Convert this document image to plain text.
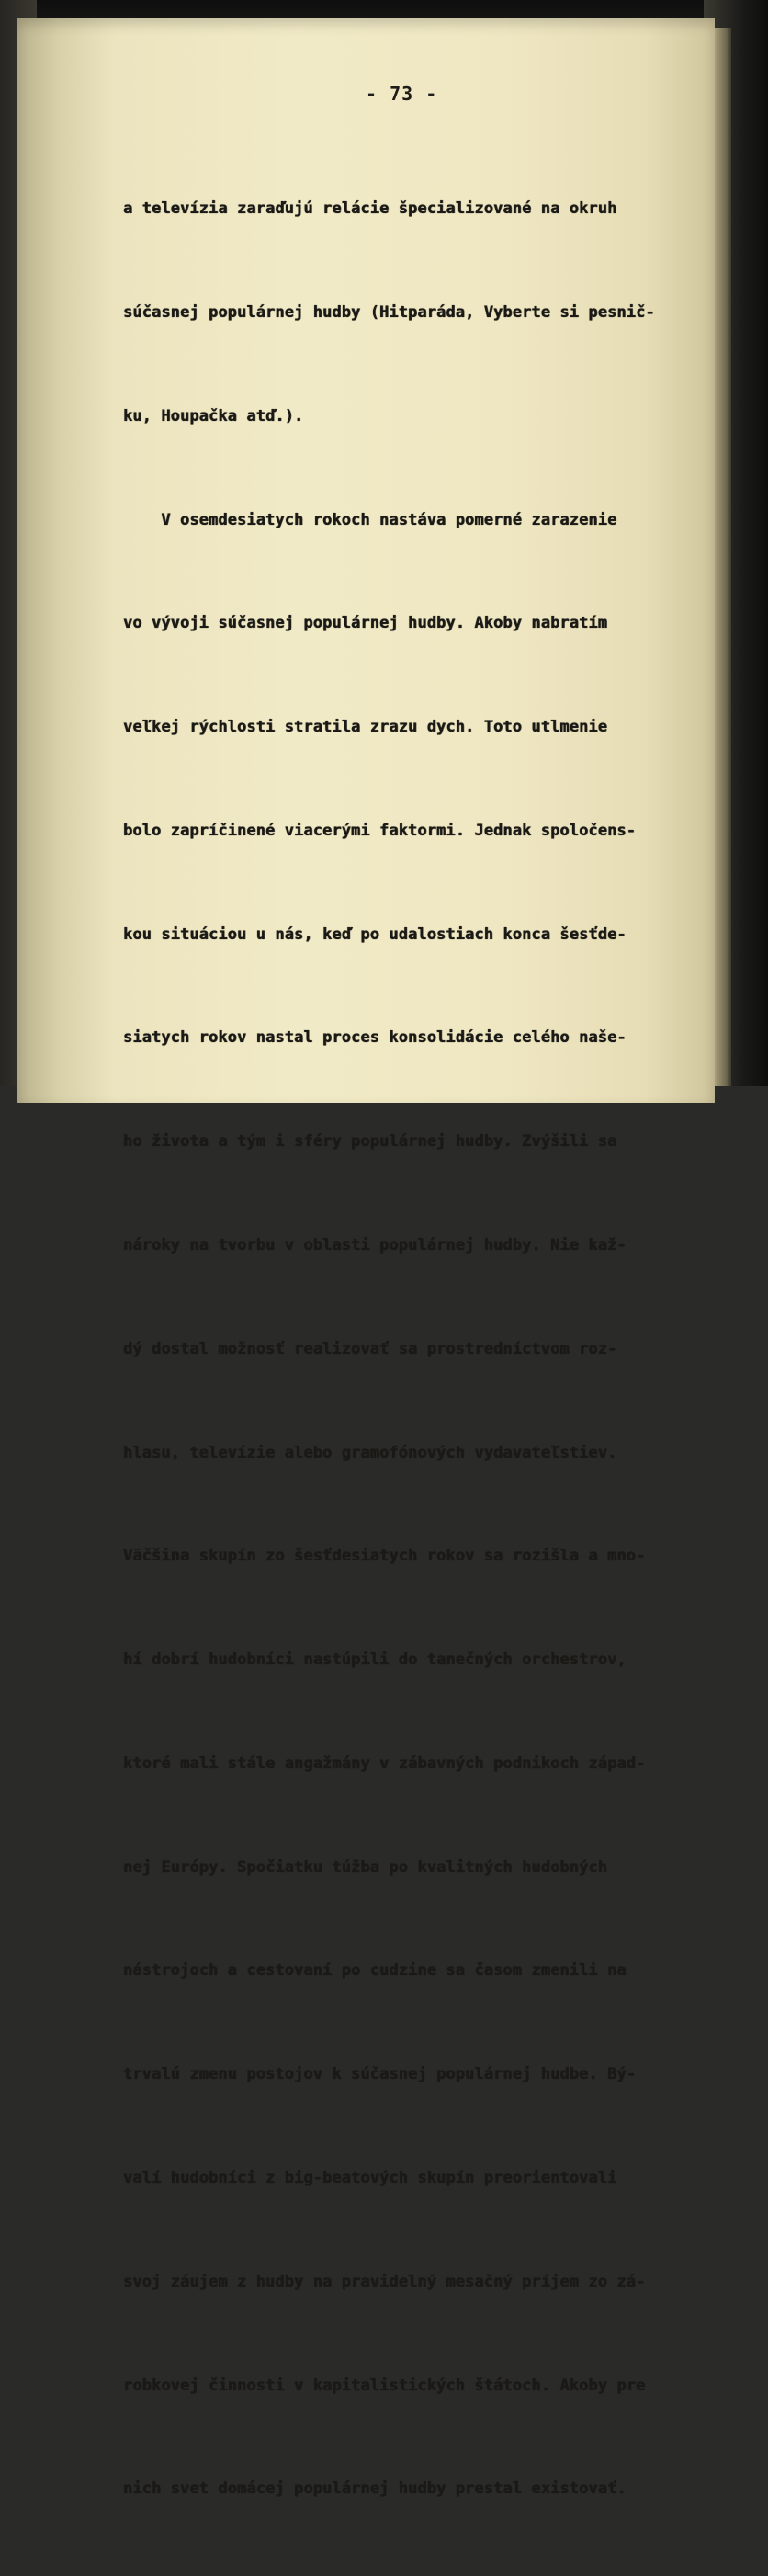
- 73 -

a televízia zaraďujú relácie špecializované na okruh

súčasnej populárnej hudby (Hitparáda, Vyberte si pesnič-

ku, Houpačka atď.).

V osemdesiatych rokoch nastáva pomerné zarazenie

vo vývoji súčasnej populárnej hudby. Akoby nabratím

veľkej rýchlosti stratila zrazu dych. Toto utlmenie

bolo zapríčinené viacerými faktormi. Jednak spoločens-

kou situáciou u nás, keď po udalostiach konca šesťde-

siatych rokov nastal proces konsolidácie celého naše-

ho života a tým i sféry populárnej hudby. Zvýšili sa

nároky na tvorbu v oblasti populárnej hudby. Nie kaž-

dý dostal možnosť realizovať sa prostredníctvom roz-

hlasu, televízie alebo gramofónových vydavateľstiev.

Väčšina skupín zo šesťdesiatych rokov sa rozišla a mno-

hí dobrí hudobníci nastúpili do tanečných orchestrov,

ktoré mali stále angažmány v zábavných podnikoch západ-

nej Európy. Spočiatku túžba po kvalitných hudobných

nástrojoch a cestovaní po cudzine sa časom zmenili na

trvalú zmenu postojov k súčasnej populárnej hudbe. Bý-

valí hudobníci z big-beatových skupín preorientovali

svoj záujem z hudby na pravidelný mesačný príjem zo zá-

robkovej činnosti v kapitalistických štátoch. Akoby pre

nich svet domácej populárnej hudby prestal existovať.
